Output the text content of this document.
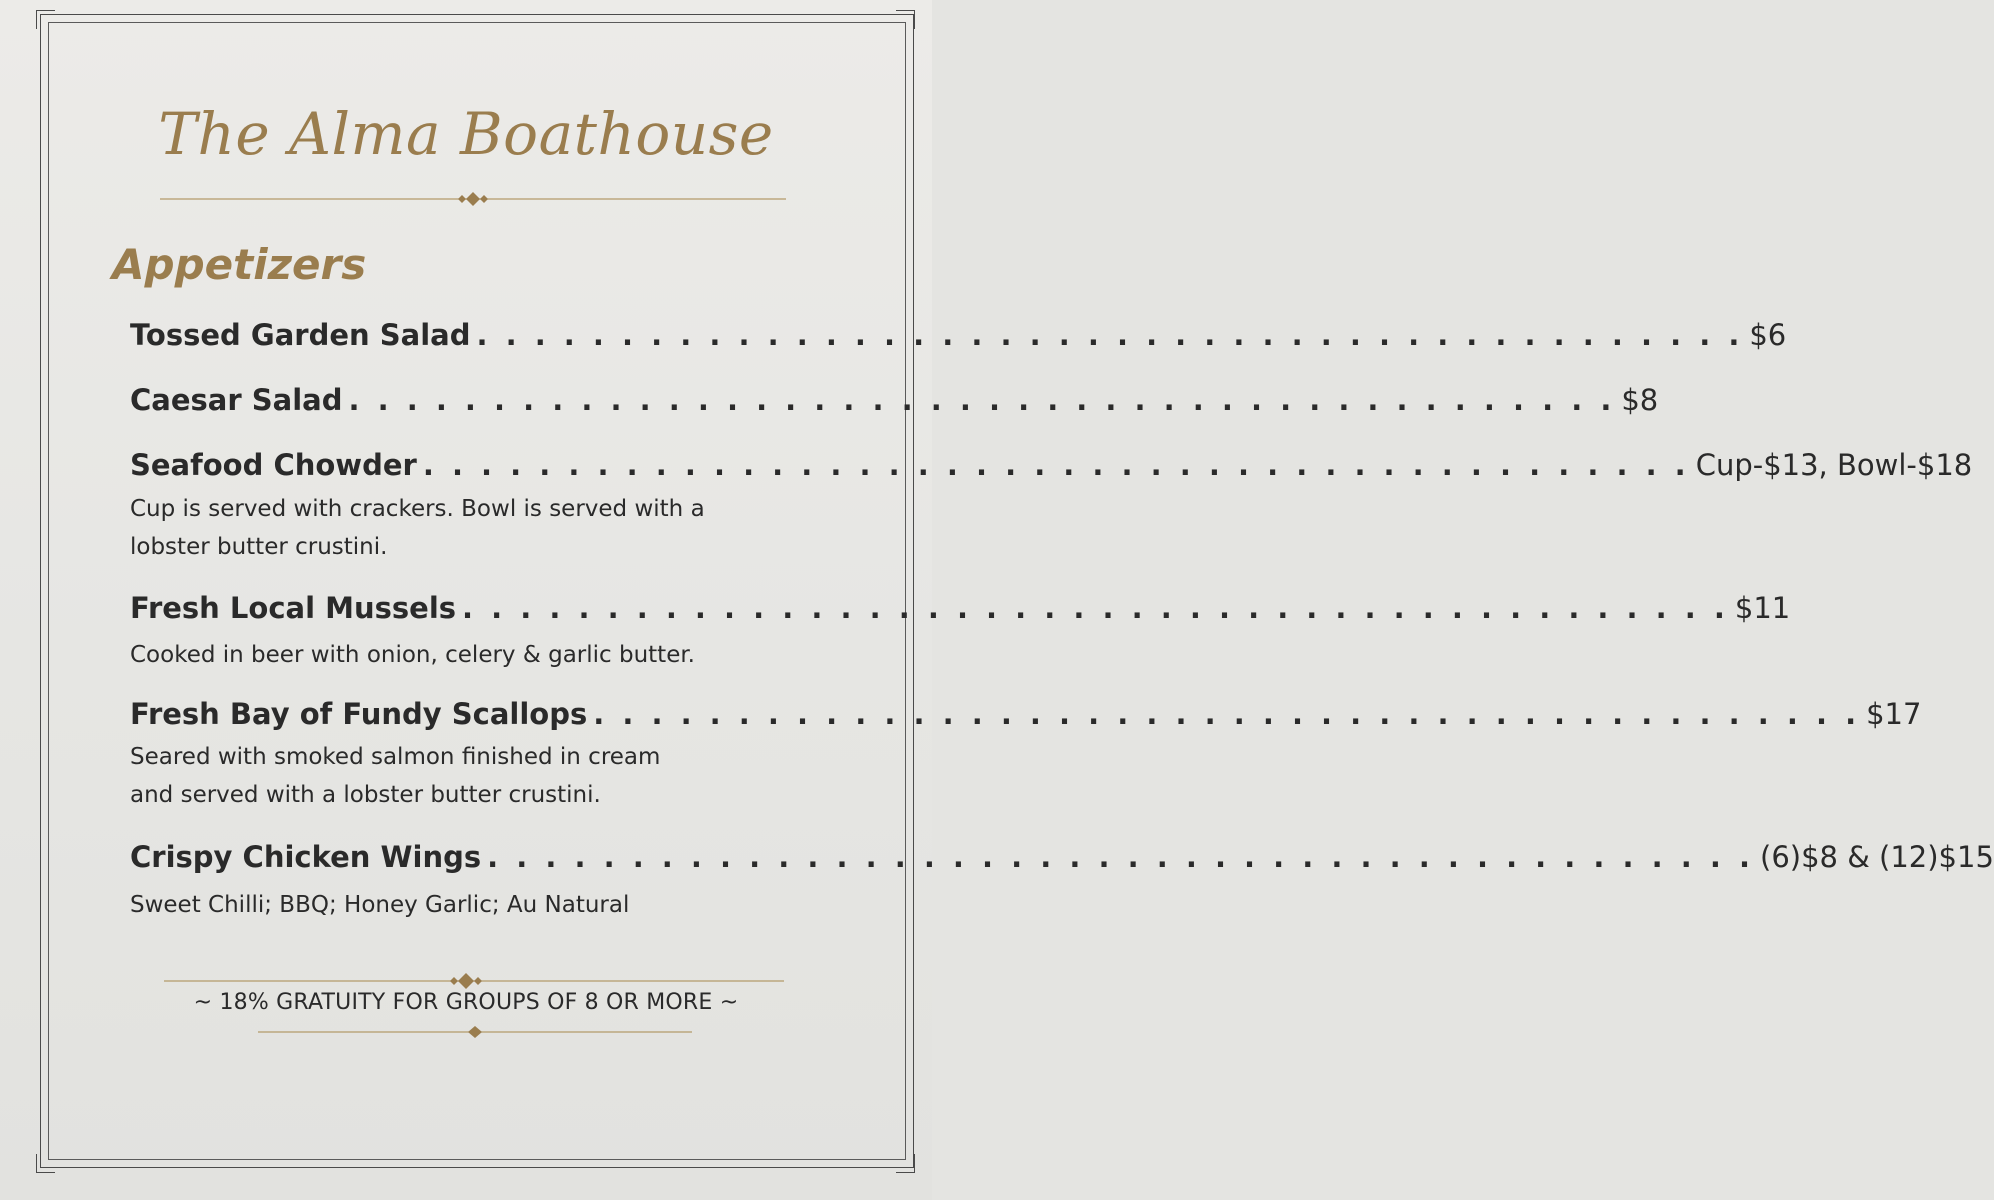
The Alma Boathouse
Appetizers
Tossed Garden Salad . . . . . . . . . . . . . . . . . . . . . . . . . . . . . . . . . . . . . . . . . . . . $6
Caesar Salad . . . . . . . . . . . . . . . . . . . . . . . . . . . . . . . . . . . . . . . . . . . . $8
Seafood Chowder . . . . . . . . . . . . . . . . . . . . . . . . . . . . . . . . . . . . . . . . . . . . Cup-$13, Bowl-$18
Cup is served with crackers. Bowl is served with a
lobster butter crustini.
Fresh Local Mussels . . . . . . . . . . . . . . . . . . . . . . . . . . . . . . . . . . . . . . . . . . . . $11
Cooked in beer with onion, celery & garlic butter.
Fresh Bay of Fundy Scallops . . . . . . . . . . . . . . . . . . . . . . . . . . . . . . . . . . . . . . . . . . . . $17
Seared with smoked salmon finished in cream
and served with a lobster butter crustini.
Crispy Chicken Wings . . . . . . . . . . . . . . . . . . . . . . . . . . . . . . . . . . . . . . . . . . . . (6)$8 & (12)$15
Sweet Chilli; BBQ; Honey Garlic; Au Natural
~ 18% GRATUITY FOR GROUPS OF 8 OR MORE ~
